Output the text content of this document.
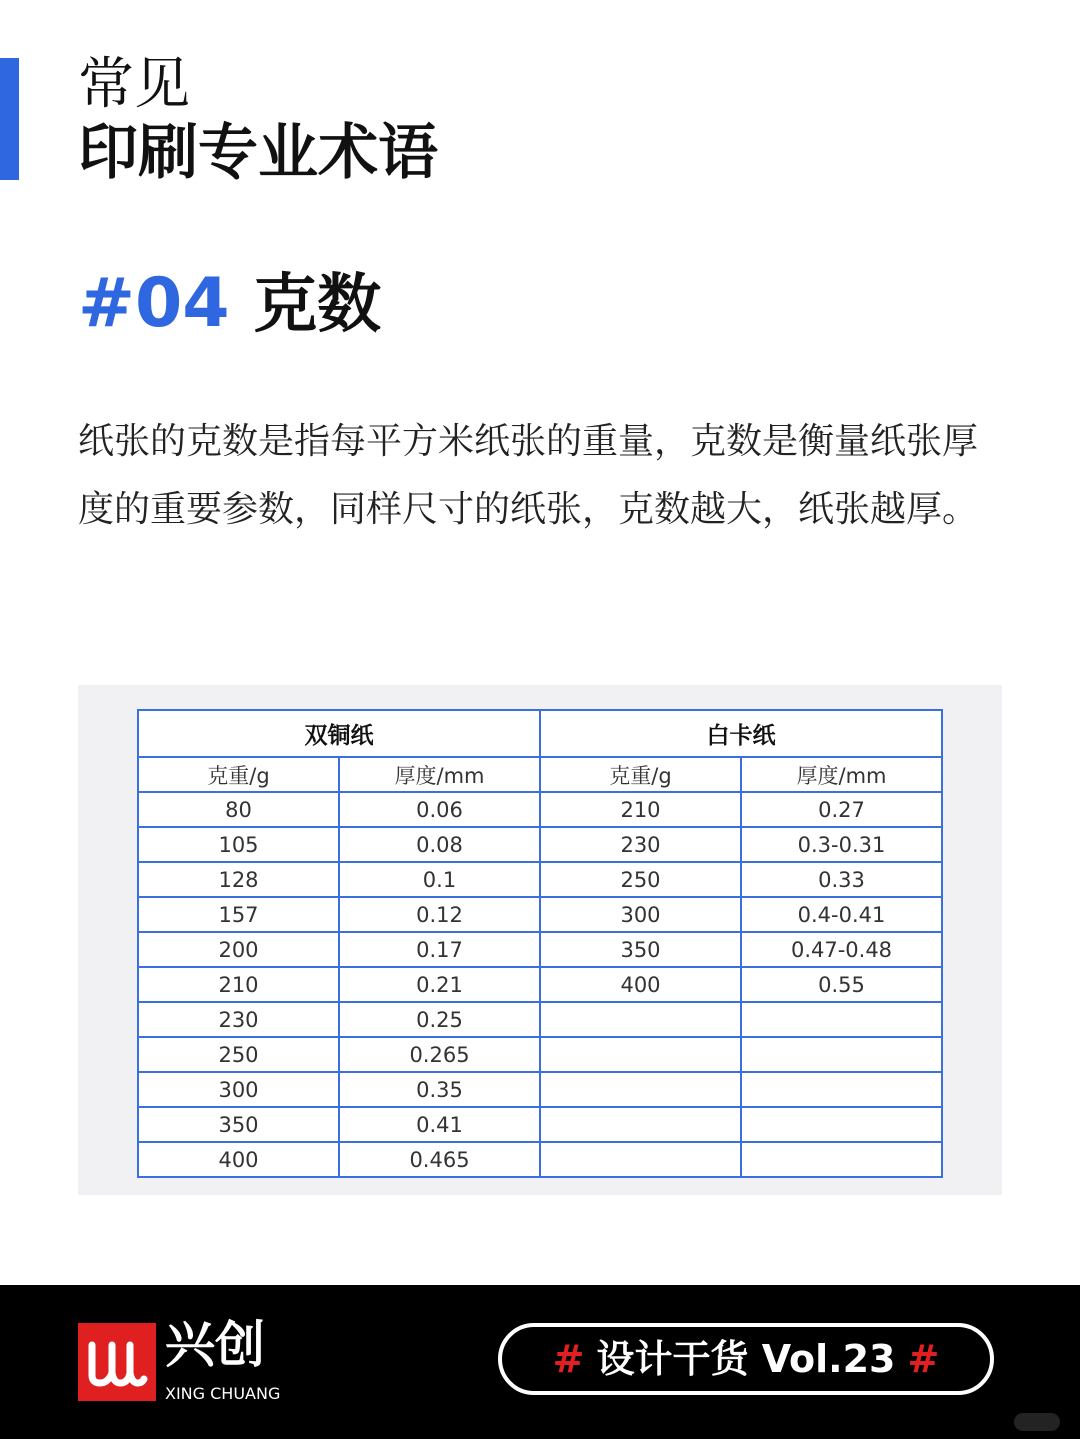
常见
印刷专业术语
#04 克数

纸张的克数是指每平方米纸张的重量，克数是衡量纸张厚度的重要参数，同样尺寸的纸张，克数越大，纸张越厚。

双铜纸		白卡纸	
克重/g	厚度/mm	克重/g	厚度/mm
80	0.06	210	0.27
105	0.08	230	0.3-0.31
128	0.1	250	0.33
157	0.12	300	0.4-0.41
200	0.17	350	0.47-0.48
210	0.21	400	0.55
230	0.25		
250	0.265		
300	0.35		
350	0.41		
400	0.465		
兴创
XING CHUANG
# 设计干货 Vol.23 #
